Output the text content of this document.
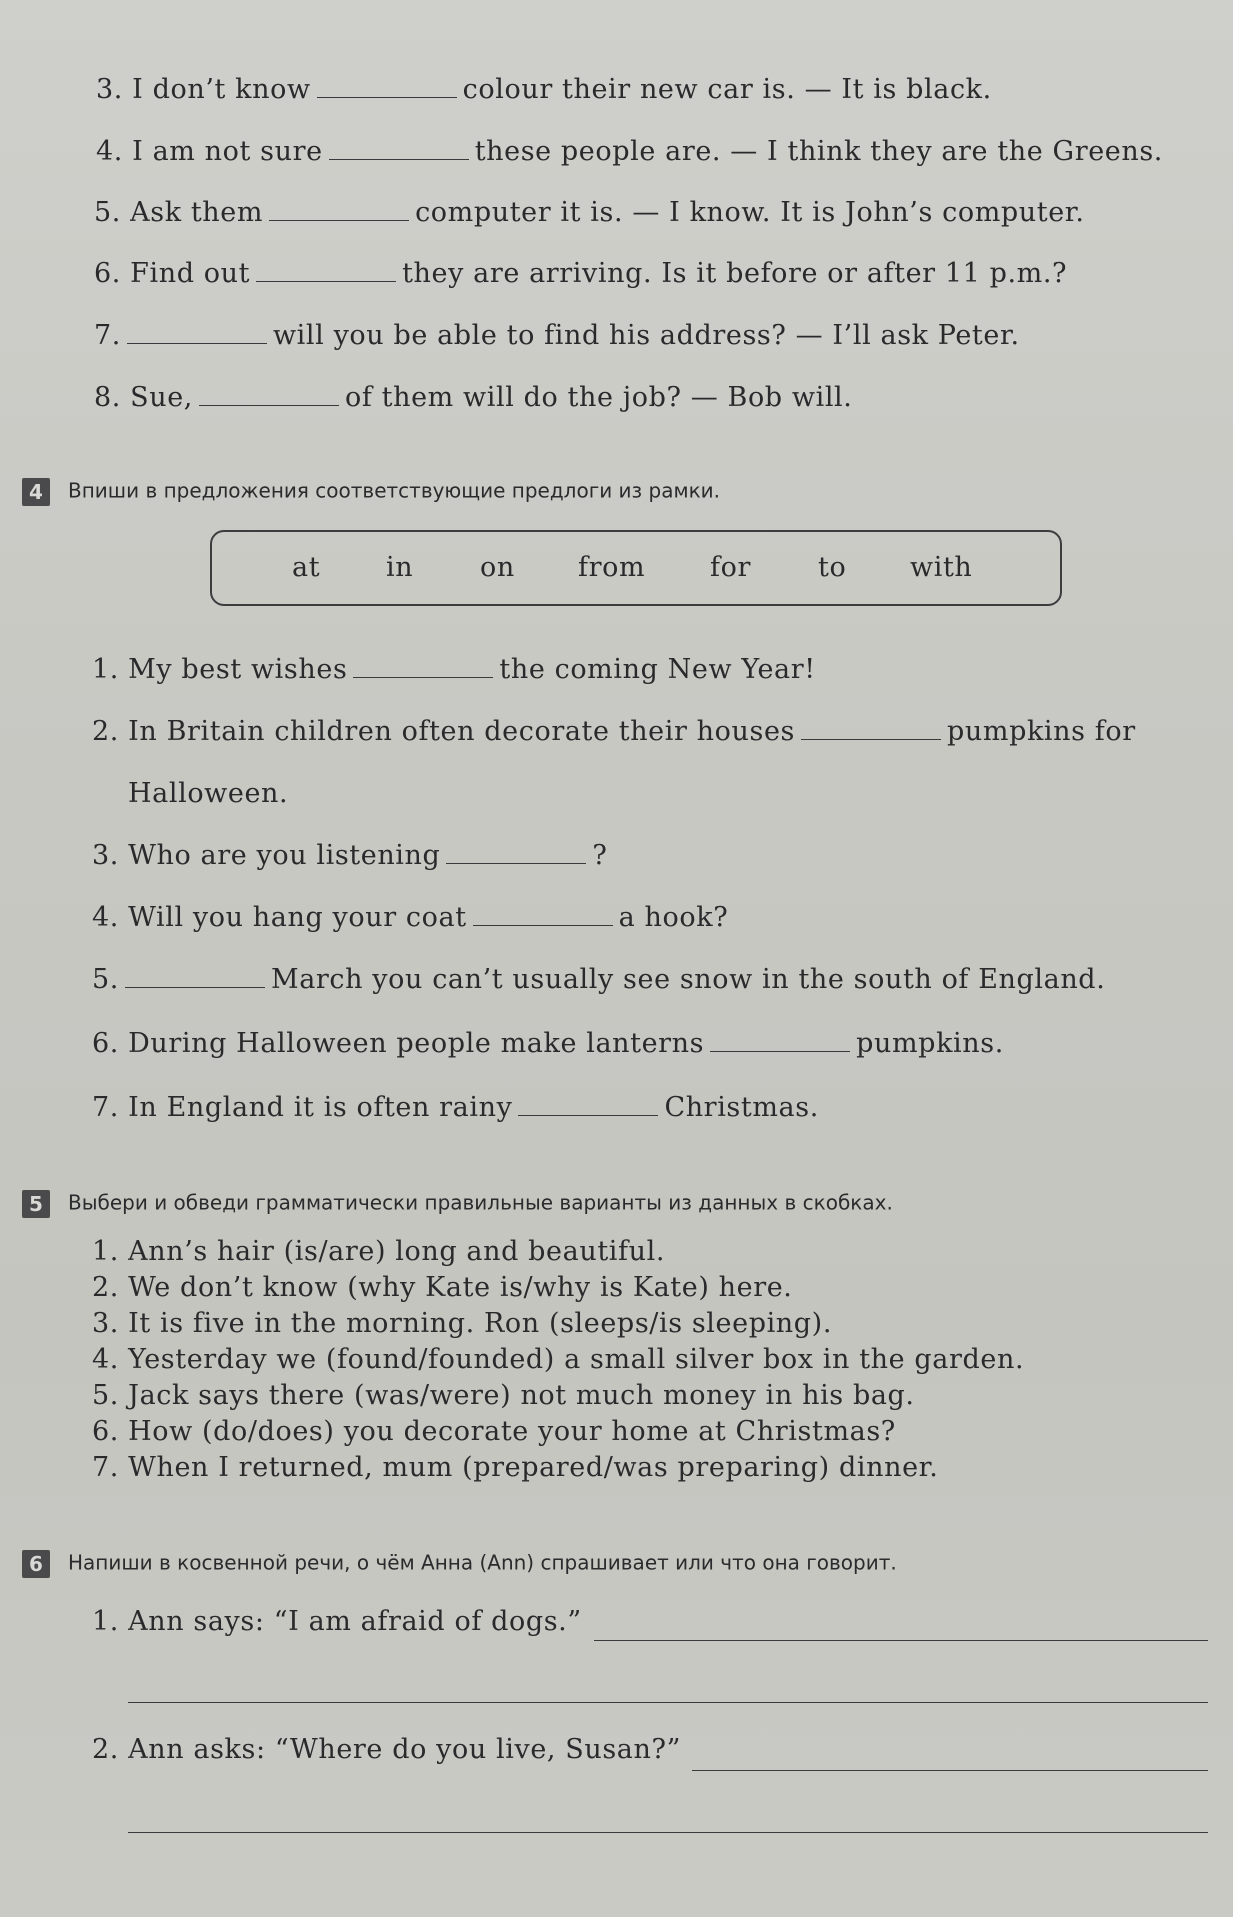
3. I don’t know	colour their new car is. — It is black.
4. I am not sure	these people are. — I think they are the Greens.
5. Ask them	computer it is. — I know. It is John’s computer.
6. Find out	they are arriving. Is it before or after 11 p.m.?
7.	will you be able to find his address? — I’ll ask Peter.
8. Sue,	of them will do the job? — Bob will.
4 Впиши в предложения соответствующие предлоги из рамки.
at in on from for to with
1. My best wishes	the coming New Year!
2. In Britain children often decorate their houses	pumpkins for
Halloween.
3. Who are you listening	?
4. Will you hang your coat	a hook?
5.	March you can’t usually see snow in the south of England.
6. During Halloween people make lanterns	pumpkins.
7. In England it is often rainy	Christmas.
5 Выбери и обведи грамматически правильные варианты из данных в скобках.
1. Ann’s hair (is/are) long and beautiful.
2. We don’t know (why Kate is/why is Kate) here.
3. It is five in the morning. Ron (sleeps/is sleeping).
4. Yesterday we (found/founded) a small silver box in the garden.
5. Jack says there (was/were) not much money in his bag.
6. How (do/does) you decorate your home at Christmas?
7. When I returned, mum (prepared/was preparing) dinner.
6 Напиши в косвенной речи, о чём Анна (Ann) спрашивает или что она говорит.
1. Ann says: “I am afraid of dogs.”
2. Ann asks: “Where do you live, Susan?”
